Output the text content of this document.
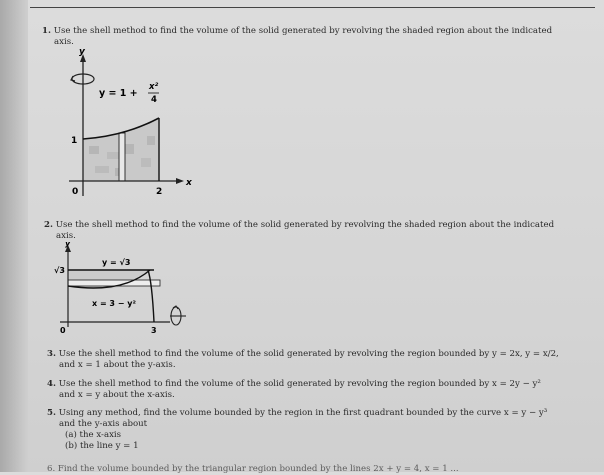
1. Use the shell method to find the volume of the solid generated by revolving the shaded region about the indicated
axis.
y
x
y = 1 +
x²
4
1
0	2
2. Use the shell method to find the volume of the solid generated by revolving the shaded region about the indicated
axis.
y
y = √3
x = 3 − y²
√3
0	3
3. Use the shell method to find the volume of the solid generated by revolving the region bounded by y = 2x, y = x/2,
and x = 1 about the y-axis.
4. Use the shell method to find the volume of the solid generated by revolving the region bounded by x = 2y − y²
and x = y about the x-axis.
5. Using any method, find the volume bounded by the region in the first quadrant bounded by the curve x = y − y³
and the y-axis about
(a) the x-axis
(b) the line y = 1
6. Find the volume bounded by the triangular region bounded by the lines 2x + y = 4, x = 1 ...
